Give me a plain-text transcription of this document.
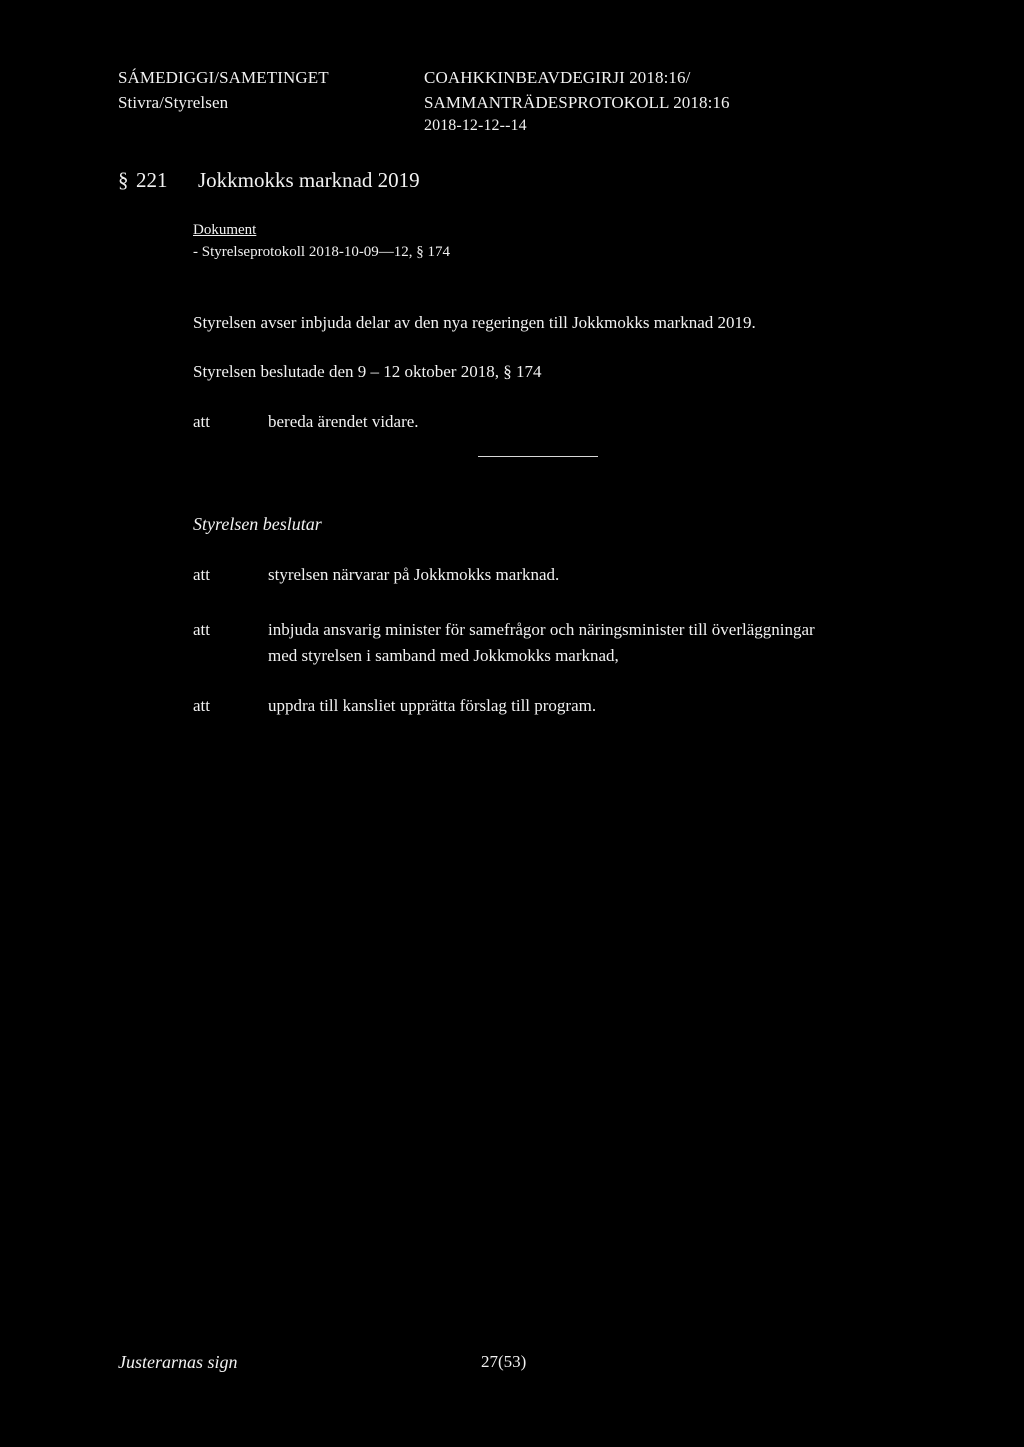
SÁMEDIGGI/SAMETINGET
Stivra/Styrelsen
COAHKKINBEAVDEGIRJI 2018:16/
SAMMANTRÄDESPROTOKOLL 2018:16
2018-12-12--14
§ 221 Jokkmokks marknad 2019
Dokument
- Styrelseprotokoll 2018-10-09—12, § 174
Styrelsen avser inbjuda delar av den nya regeringen till Jokkmokks marknad 2019.
Styrelsen beslutade den 9 – 12 oktober 2018, § 174
att	bereda ärendet vidare.
Styrelsen beslutar
att	styrelsen närvarar på Jokkmokks marknad.
att	inbjuda ansvarig minister för samefrågor och näringsminister till överläggningar
med styrelsen i samband med Jokkmokks marknad,
att	uppdra till kansliet upprätta förslag till program.
Justerarnas sign	27(53)
